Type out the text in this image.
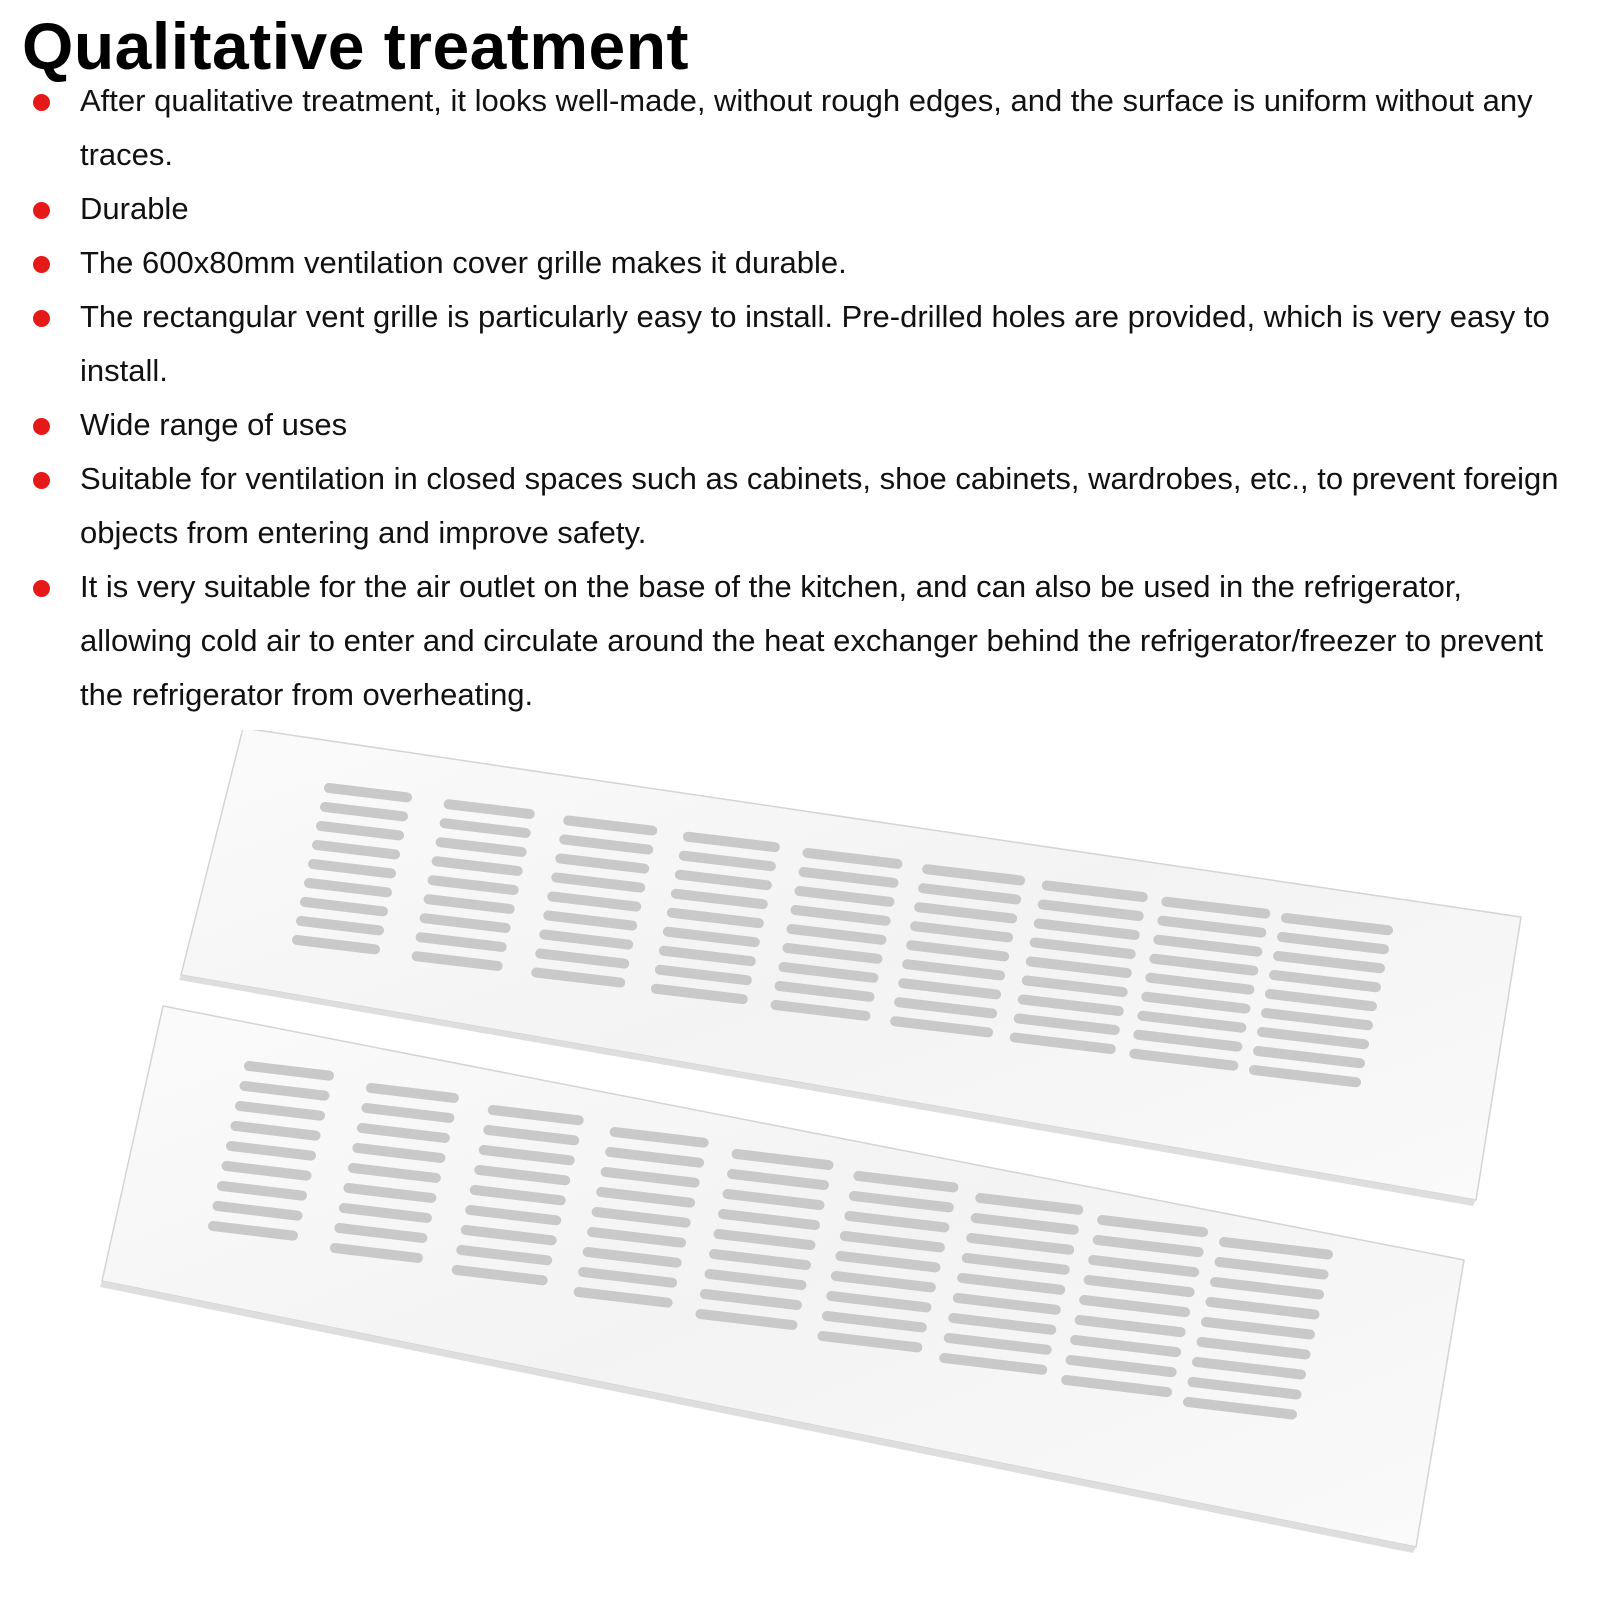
Qualitative treatment
After qualitative treatment, it looks well-made, without rough edges, and the surface is uniform without any traces.
Durable
The 600x80mm ventilation cover grille makes it durable.
The rectangular vent grille is particularly easy to install. Pre-drilled holes are provided, which is very easy to install.
Wide range of uses
Suitable for ventilation in closed spaces such as cabinets, shoe cabinets, wardrobes, etc., to prevent foreign objects from entering and improve safety.
It is very suitable for the air outlet on the base of the kitchen, and can also be used in the refrigerator, allowing cold air to enter and circulate around the heat exchanger behind the refrigerator/freezer to prevent the refrigerator from overheating.
